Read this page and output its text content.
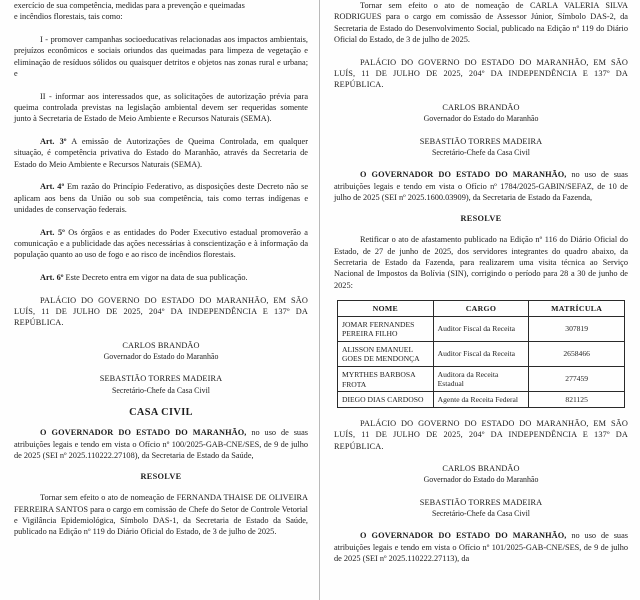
exercício de sua competência, medidas para a prevenção e queimadas

e incêndios florestais, tais como:

I - promover campanhas socioeducativas relacionadas aos impactos ambientais, prejuízos econômicos e sociais oriundos das queimadas para limpeza de vegetação e eliminação de resíduos sólidos ou quaisquer detritos e objetos nas zonas rural e urbana; e

II - informar aos interessados que, as solicitações de autorização prévia para queima controlada previstas na legislação ambiental devem ser requeridas somente junto à Secretaria de Estado de Meio Ambiente e Recursos Naturais (SEMA).

Art. 3º A emissão de Autorizações de Queima Controlada, em qualquer situação, é competência privativa do Estado do Maranhão, através da Secretaria de Estado do Meio Ambiente e Recursos Naturais (SEMA).

Art. 4º Em razão do Princípio Federativo, as disposições deste Decreto não se aplicam aos bens da União ou sob sua competência, tais como terras indígenas e unidades de conservação federais.

Art. 5º Os órgãos e as entidades do Poder Executivo estadual promoverão a comunicação e a publicidade das ações necessárias à conscientização e à informação da população quanto ao uso de fogo e ao risco de incêndios florestais.

Art. 6º Este Decreto entra em vigor na data de sua publicação.

PALÁCIO DO GOVERNO DO ESTADO DO MARANHÃO, EM SÃO LUÍS, 11 DE JULHO DE 2025, 204º DA INDEPENDÊNCIA E 137º DA REPÚBLICA.

CARLOS BRANDÃO

Governador do Estado do Maranhão

SEBASTIÃO TORRES MADEIRA

Secretário-Chefe da Casa Civil

CASA CIVIL

O GOVERNADOR DO ESTADO DO MARANHÃO, no uso de suas atribuições legais e tendo em vista o Ofício nº 100/2025-GAB-CNE/SES, de 9 de julho de 2025 (SEI nº 2025.110222.27108), da Secretaria de Estado da Saúde,

RESOLVE

Tornar sem efeito o ato de nomeação de FERNANDA THAISE DE OLIVEIRA FERREIRA SANTOS para o cargo em comissão de Chefe do Setor de Controle Vetorial e Vigilância Epidemiológica, Símbolo DAS-1, da Secretaria de Estado da Saúde, publicado na Edição nº 119 do Diário Oficial do Estado, de 3 de julho de 2025.

Tornar sem efeito o ato de nomeação de CARLA VALERIA SILVA RODRIGUES para o cargo em comissão de Assessor Júnior, Símbolo DAS-2, da Secretaria de Estado do Desenvolvimento Social, publicado na Edição nº 119 do Diário Oficial do Estado, de 3 de julho de 2025.

PALÁCIO DO GOVERNO DO ESTADO DO MARANHÃO, EM SÃO LUÍS, 11 DE JULHO DE 2025, 204º DA INDEPENDÊNCIA E 137º DA REPÚBLICA.

CARLOS BRANDÃO

Governador do Estado do Maranhão

SEBASTIÃO TORRES MADEIRA

Secretário-Chefe da Casa Civil

O GOVERNADOR DO ESTADO DO MARANHÃO, no uso de suas atribuições legais e tendo em vista o Ofício nº 1784/2025-GABIN/SEFAZ, de 10 de julho de 2025 (SEI nº 2025.1600.03909), da Secretaria de Estado da Fazenda,

RESOLVE

Retificar o ato de afastamento publicado na Edição nº 116 do Diário Oficial do Estado, de 27 de junho de 2025, dos servidores integrantes do quadro abaixo, da Secretaria de Estado da Fazenda, para realizarem uma visita técnica ao Serviço Nacional de Impostos da Bolívia (SIN), corrigindo o período para 28 a 30 de junho de 2025:

NOME	CARGO	MATRÍCULA
JOMAR FERNANDES PEREIRA FILHO	Auditor Fiscal da Receita	307819
ALISSON EMANUEL GOES DE MENDONÇA	Auditor Fiscal da Receita	2658466
MYRTHES BARBOSA FROTA	Auditora da Receita Estadual	277459
DIEGO DIAS CARDOSO	Agente da Receita Federal	821125

PALÁCIO DO GOVERNO DO ESTADO DO MARANHÃO, EM SÃO LUÍS, 11 DE JULHO DE 2025, 204º DA INDEPENDÊNCIA E 137º DA REPÚBLICA.

CARLOS BRANDÃO

Governador do Estado do Maranhão

SEBASTIÃO TORRES MADEIRA

Secretário-Chefe da Casa Civil

O GOVERNADOR DO ESTADO DO MARANHÃO, no uso de suas atribuições legais e tendo em vista o Ofício nº 101/2025-GAB-CNE/SES, de 9 de julho de 2025 (SEI nº 2025.110222.27113), da
